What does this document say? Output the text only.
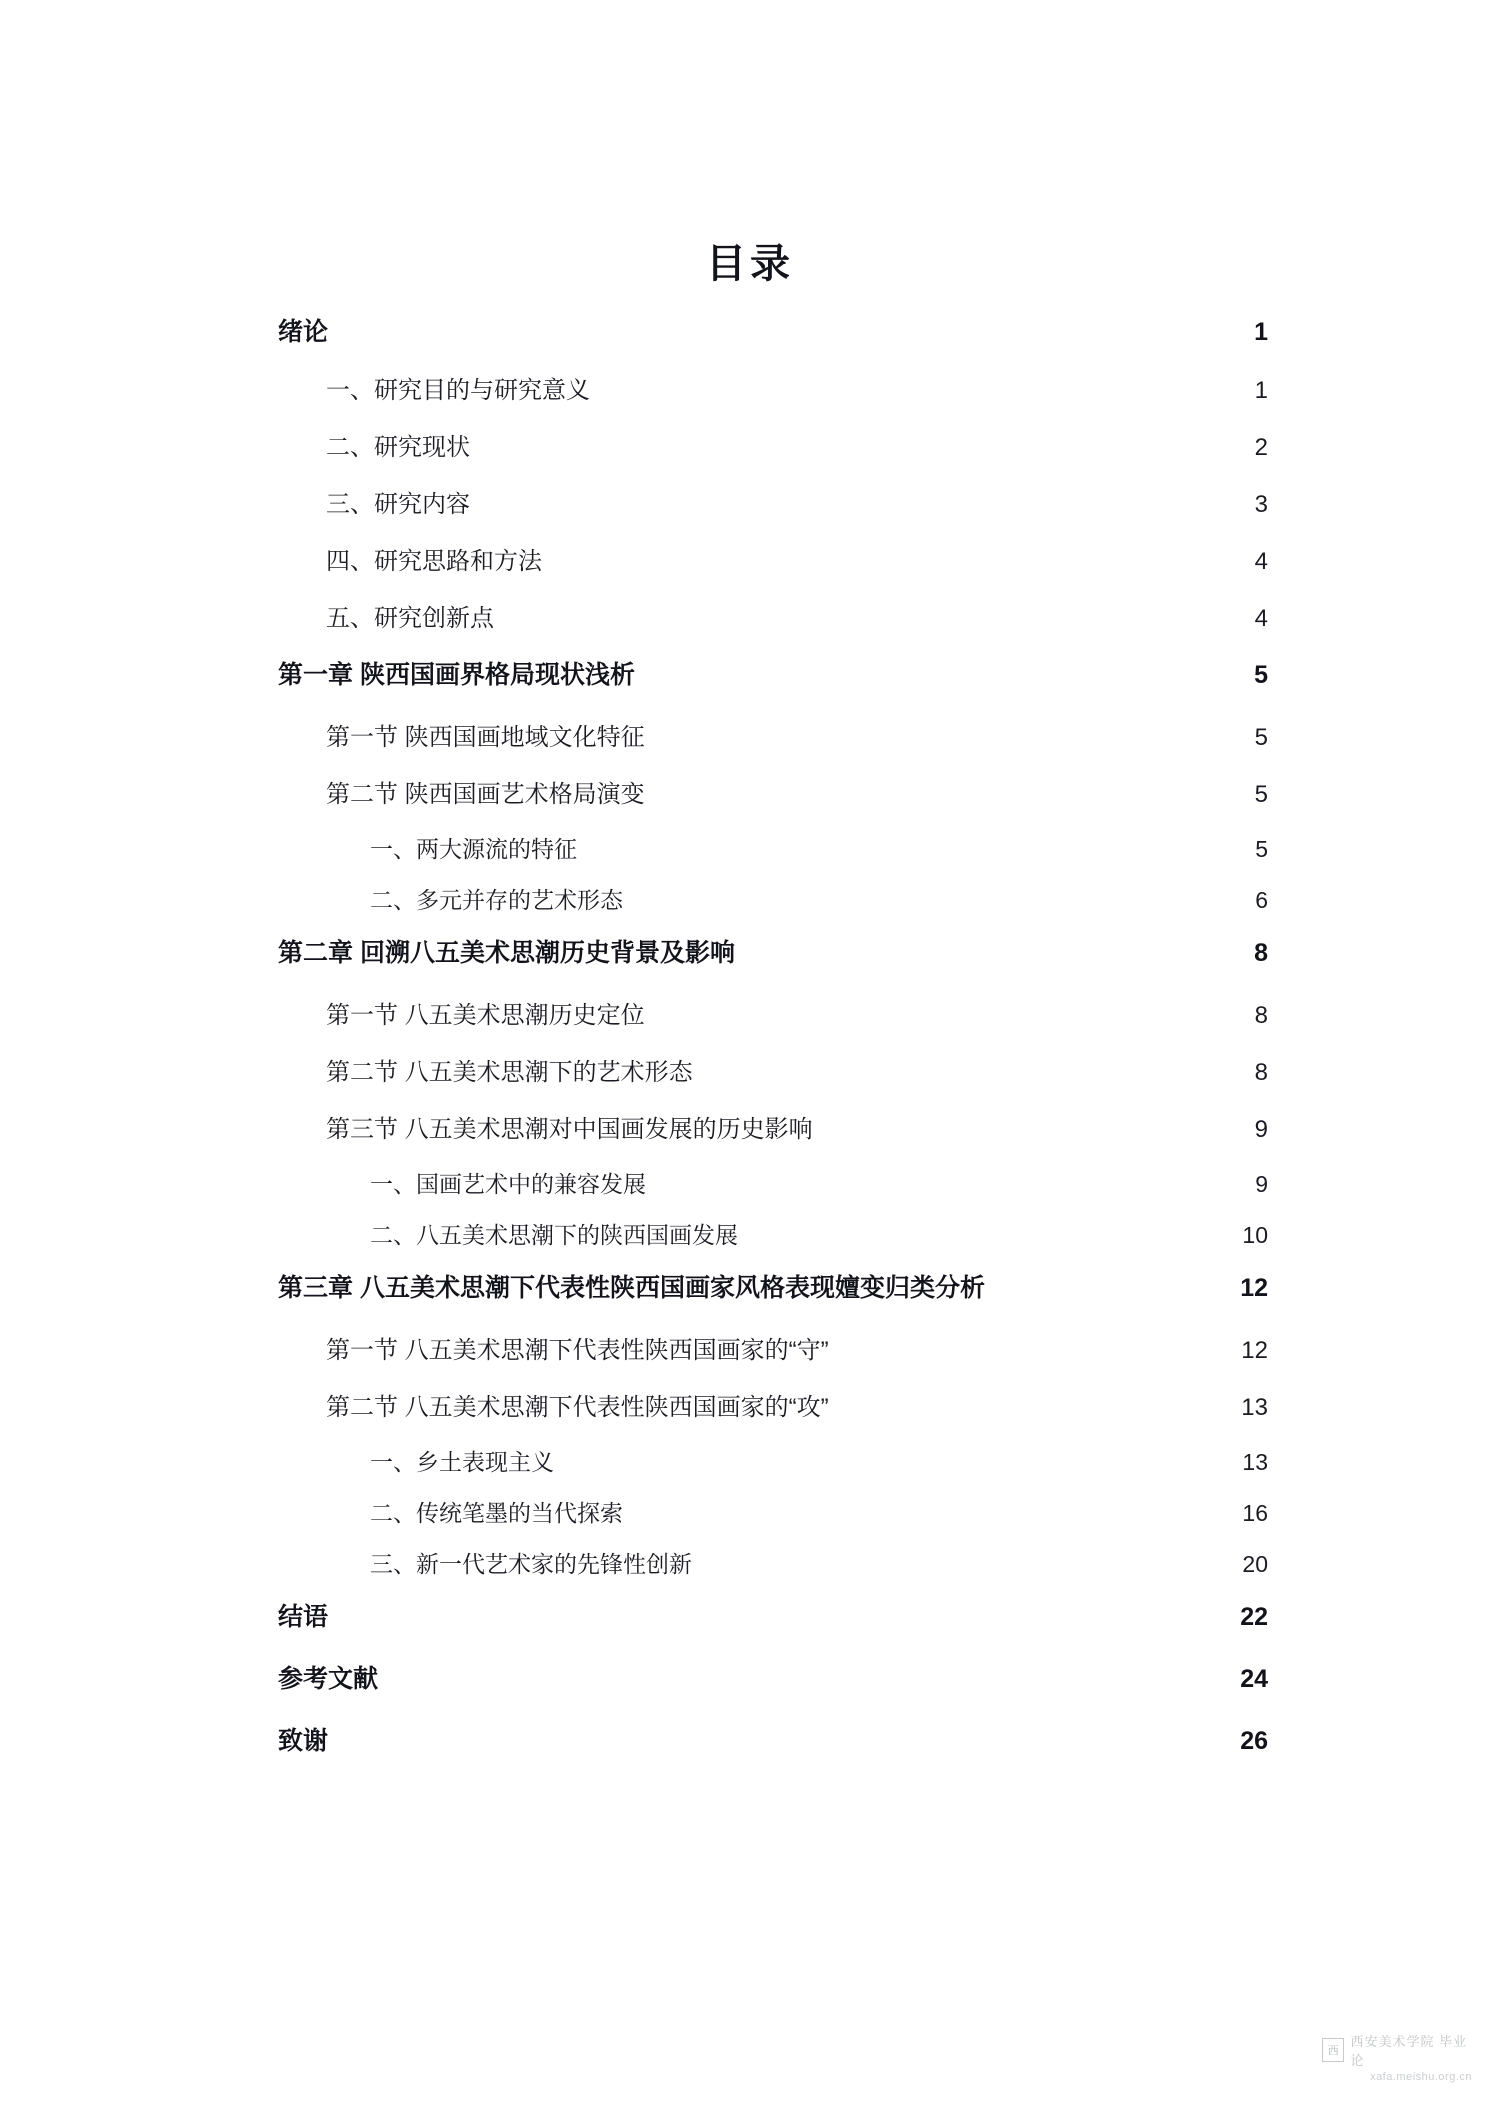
目录
绪论	1
一、研究目的与研究意义	1
二、研究现状	2
三、研究内容	3
四、研究思路和方法	4
五、研究创新点	4
第一章 陕西国画界格局现状浅析	5
第一节 陕西国画地域文化特征	5
第二节 陕西国画艺术格局演变	5
一、两大源流的特征	5
二、多元并存的艺术形态	6
第二章 回溯八五美术思潮历史背景及影响	8
第一节 八五美术思潮历史定位	8
第二节 八五美术思潮下的艺术形态	8
第三节 八五美术思潮对中国画发展的历史影响	9
一、国画艺术中的兼容发展	9
二、八五美术思潮下的陕西国画发展	10
第三章 八五美术思潮下代表性陕西国画家风格表现嬗变归类分析	12
第一节 八五美术思潮下代表性陕西国画家的“守”	12
第二节 八五美术思潮下代表性陕西国画家的“攻”	13
一、乡土表现主义	13
二、传统笔墨的当代探索	16
三、新一代艺术家的先锋性创新	20
结语	22
参考文献	24
致谢	26
西
西安美术学院 毕业论
xafa.meishu.org.cn
